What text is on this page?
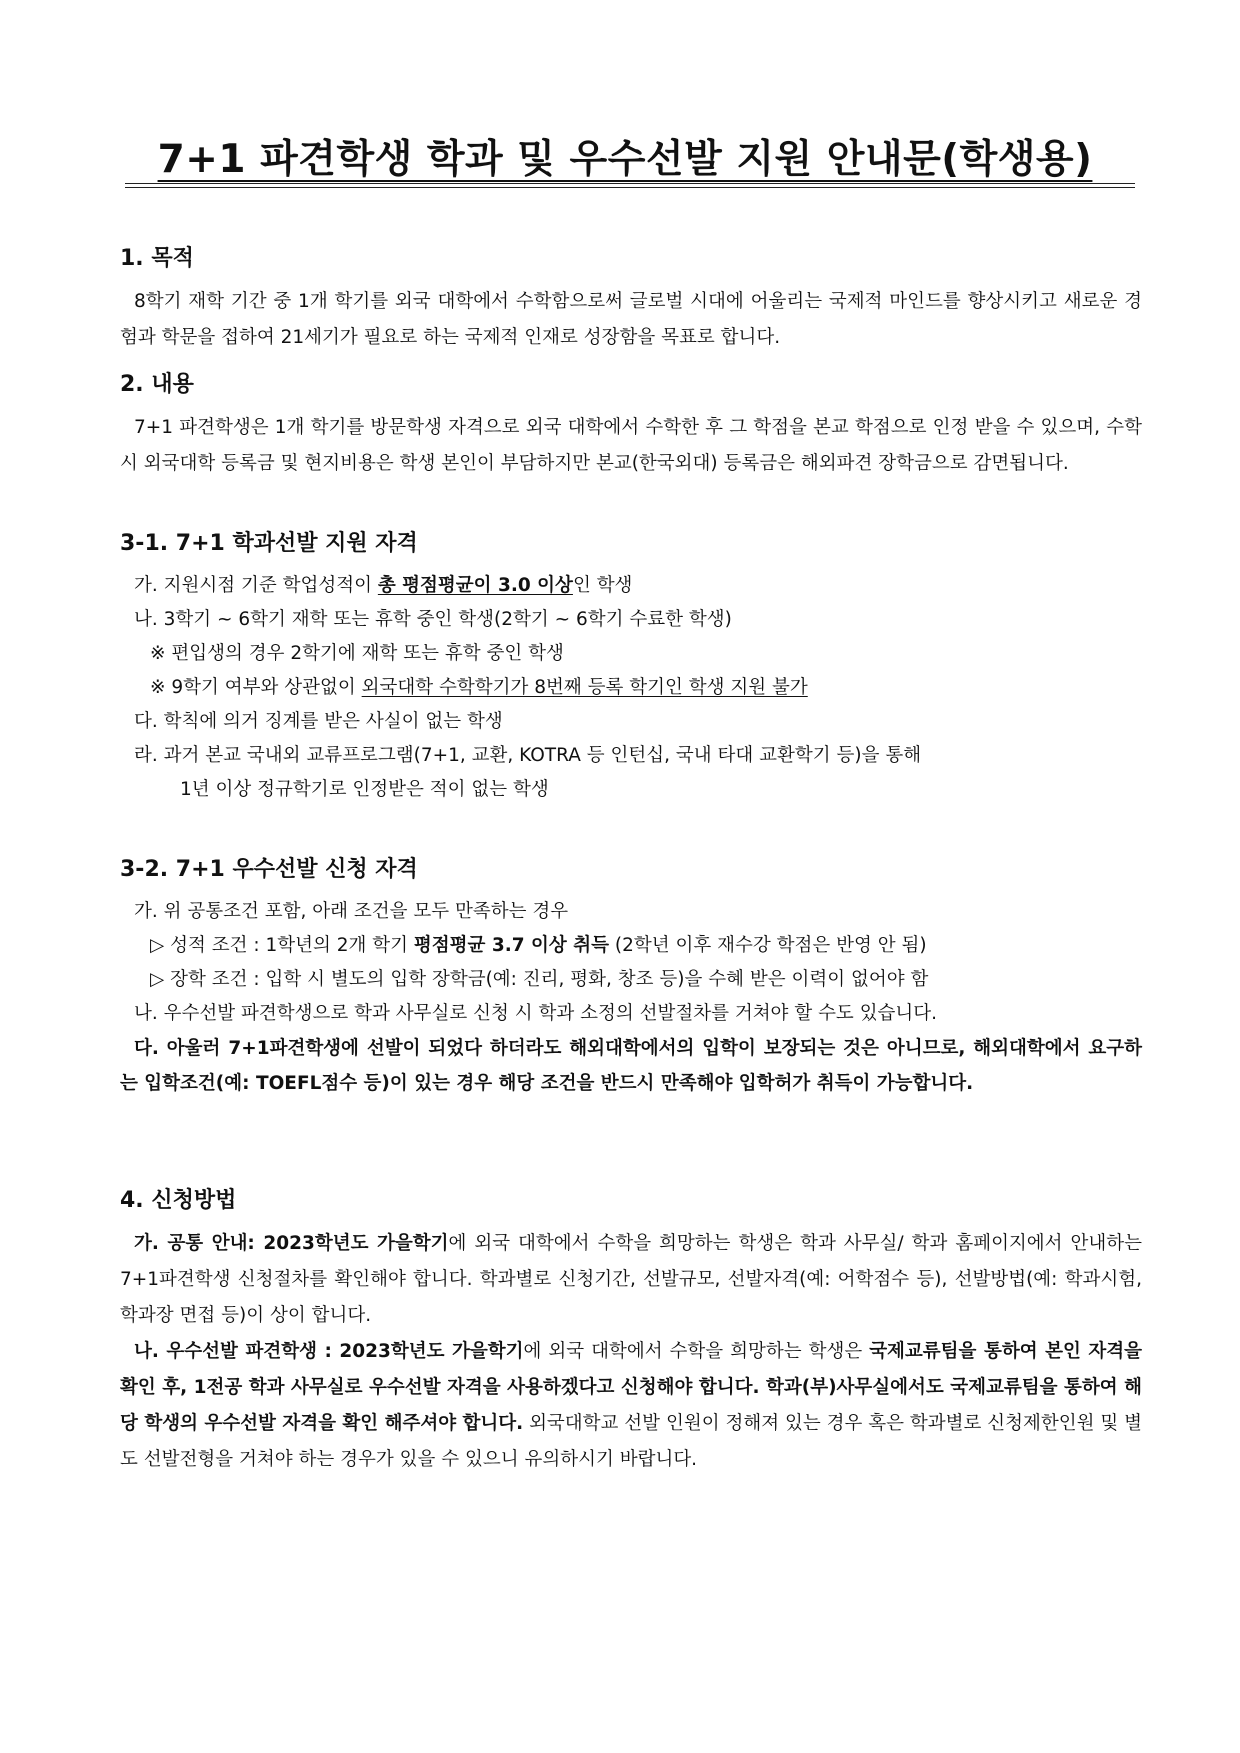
7+1 파견학생 학과 및 우수선발 지원 안내문(학생용)
1. 목적

8학기 재학 기간 중 1개 학기를 외국 대학에서 수학함으로써 글로벌 시대에 어울리는 국제적 마인드를 향상시키고 새로운 경험과 학문을 접하여 21세기가 필요로 하는 국제적 인재로 성장함을 목표로 합니다.

2. 내용

7+1 파견학생은 1개 학기를 방문학생 자격으로 외국 대학에서 수학한 후 그 학점을 본교 학점으로 인정 받을 수 있으며, 수학 시 외국대학 등록금 및 현지비용은 학생 본인이 부담하지만 본교(한국외대) 등록금은 해외파견 장학금으로 감면됩니다.

3-1. 7+1 학과선발 지원 자격

가. 지원시점 기준 학업성적이 총 평점평균이 3.0 이상인 학생

나. 3학기 ~ 6학기 재학 또는 휴학 중인 학생(2학기 ~ 6학기 수료한 학생)

※ 편입생의 경우 2학기에 재학 또는 휴학 중인 학생

※ 9학기 여부와 상관없이 외국대학 수학학기가 8번째 등록 학기인 학생 지원 불가

다. 학칙에 의거 징계를 받은 사실이 없는 학생

라. 과거 본교 국내외 교류프로그램(7+1, 교환, KOTRA 등 인턴십, 국내 타대 교환학기 등)을 통해

1년 이상 정규학기로 인정받은 적이 없는 학생

3-2. 7+1 우수선발 신청 자격

가. 위 공통조건 포함, 아래 조건을 모두 만족하는 경우

▷ 성적 조건 : 1학년의 2개 학기 평점평균 3.7 이상 취득 (2학년 이후 재수강 학점은 반영 안 됨)

▷ 장학 조건 : 입학 시 별도의 입학 장학금(예: 진리, 평화, 창조 등)을 수혜 받은 이력이 없어야 함

나. 우수선발 파견학생으로 학과 사무실로 신청 시 학과 소정의 선발절차를 거쳐야 할 수도 있습니다.

다. 아울러 7+1파견학생에 선발이 되었다 하더라도 해외대학에서의 입학이 보장되는 것은 아니므로, 해외대학에서 요구하는 입학조건(예: TOEFL점수 등)이 있는 경우 해당 조건을 반드시 만족해야 입학허가 취득이 가능합니다.

4. 신청방법

가. 공통 안내: 2023학년도 가을학기에 외국 대학에서 수학을 희망하는 학생은 학과 사무실/ 학과 홈페이지에서 안내하는 7+1파견학생 신청절차를 확인해야 합니다. 학과별로 신청기간, 선발규모, 선발자격(예: 어학점수 등), 선발방법(예: 학과시험, 학과장 면접 등)이 상이 합니다.

나. 우수선발 파견학생 : 2023학년도 가을학기에 외국 대학에서 수학을 희망하는 학생은 국제교류팀을 통하여 본인 자격을 확인 후, 1전공 학과 사무실로 우수선발 자격을 사용하겠다고 신청해야 합니다. 학과(부)사무실에서도 국제교류팀을 통하여 해당 학생의 우수선발 자격을 확인 해주셔야 합니다. 외국대학교 선발 인원이 정해져 있는 경우 혹은 학과별로 신청제한인원 및 별도 선발전형을 거쳐야 하는 경우가 있을 수 있으니 유의하시기 바랍니다.
